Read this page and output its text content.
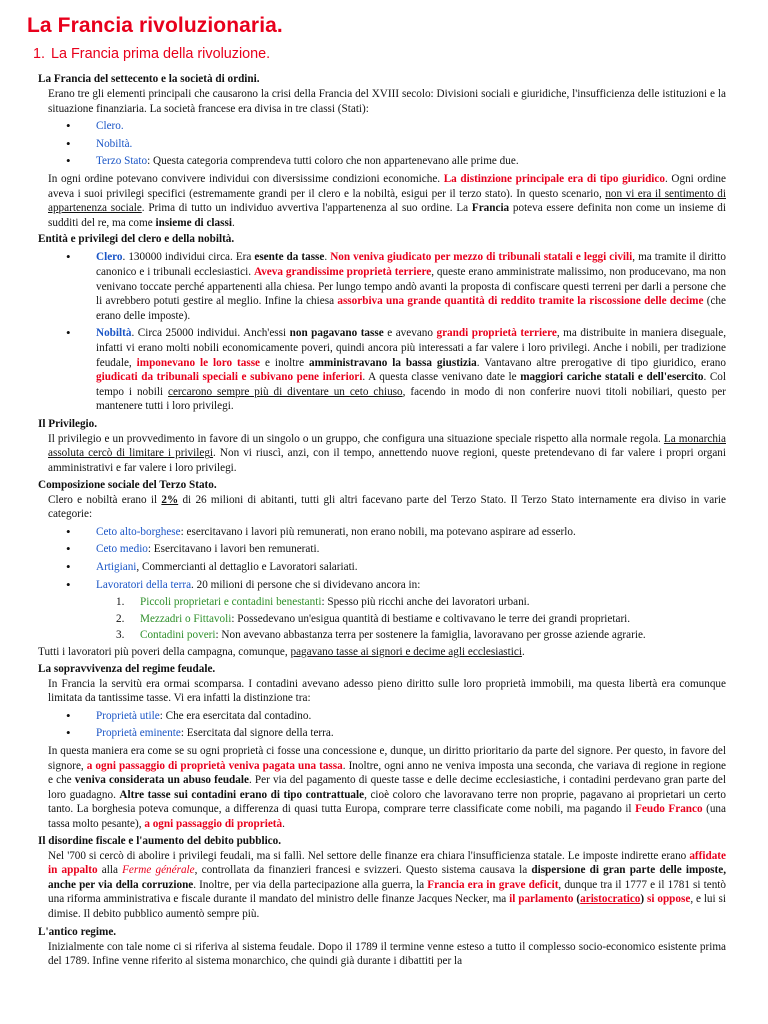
La Francia rivoluzionaria.
1. La Francia prima della rivoluzione.
La Francia del settecento e la società di ordini.
Erano tre gli elementi principali che causarono la crisi della Francia del XVIII secolo: Divisioni sociali e giuridiche, l'insufficienza delle istituzioni e la situazione finanziaria. La società francese era divisa in tre classi (Stati):
• Clero.
• Nobiltà.
• Terzo Stato: Questa categoria comprendeva tutti coloro che non appartenevano alle prime due.
In ogni ordine potevano convivere individui con diversissime condizioni economiche. La distinzione principale era di tipo giuridico. Ogni ordine aveva i suoi privilegi specifici (estremamente grandi per il clero e la nobiltà, esigui per il terzo stato). In questo scenario, non vi era il sentimento di appartenenza sociale. Prima di tutto un individuo avvertiva l'appartenenza al suo ordine. La Francia poteva essere definita non come un insieme di sudditi del re, ma come insieme di classi.
Entità e privilegi del clero e della nobiltà.
• Clero. 130000 individui circa. Era esente da tasse. Non veniva giudicato per mezzo di tribunali statali e leggi civili, ma tramite il diritto canonico e i tribunali ecclesiastici. Aveva grandissime proprietà terriere, queste erano amministrate malissimo, non producevano, ma non venivano toccate perché appartenenti alla chiesa. Per lungo tempo andò avanti la proposta di confiscare questi terreni per darli a persone che li avrebbero potuti gestire al meglio. Infine la chiesa assorbiva una grande quantità di reddito tramite la riscossione delle decime (che erano delle imposte).
• Nobiltà. Circa 25000 individui. Anch'essi non pagavano tasse e avevano grandi proprietà terriere, ma distribuite in maniera diseguale, infatti vi erano molti nobili economicamente poveri, quindi ancora più interessati a far valere i loro privilegi. Anche i nobili, per tradizione feudale, imponevano le loro tasse e inoltre amministravano la bassa giustizia. Vantavano altre prerogative di tipo giuridico, erano giudicati da tribunali speciali e subivano pene inferiori. A questa classe venivano date le maggiori cariche statali e dell'esercito. Col tempo i nobili cercarono sempre più di diventare un ceto chiuso, facendo in modo di non conferire nuovi titoli nobiliari, questo per mantenere tutti i loro privilegi.
Il Privilegio.
Il privilegio e un provvedimento in favore di un singolo o un gruppo, che configura una situazione speciale rispetto alla normale regola. La monarchia assoluta cercò di limitare i privilegi. Non vi riuscì, anzi, con il tempo, annettendo nuove regioni, queste pretendevano di far valere i propri organi amministrativi e far valere i loro privilegi.
Composizione sociale del Terzo Stato.
Clero e nobiltà erano il 2% di 26 milioni di abitanti, tutti gli altri facevano parte del Terzo Stato. Il Terzo Stato internamente era diviso in varie categorie:
• Ceto alto-borghese: esercitavano i lavori più remunerati, non erano nobili, ma potevano aspirare ad esserlo.
• Ceto medio: Esercitavano i lavori ben remunerati.
• Artigiani, Commercianti al dettaglio e Lavoratori salariati.
• Lavoratori della terra. 20 milioni di persone che si dividevano ancora in:
1. Piccoli proprietari e contadini benestanti: Spesso più ricchi anche dei lavoratori urbani.
2. Mezzadri o Fittavoli: Possedevano un'esigua quantità di bestiame e coltivavano le terre dei grandi proprietari.
3. Contadini poveri: Non avevano abbastanza terra per sostenere la famiglia, lavoravano per grosse aziende agrarie.
Tutti i lavoratori più poveri della campagna, comunque, pagavano tasse ai signori e decime agli ecclesiastici.
La sopravvivenza del regime feudale.
In Francia la servitù era ormai scomparsa. I contadini avevano adesso pieno diritto sulle loro proprietà immobili, ma questa libertà era comunque limitata da tantissime tasse. Vi era infatti la distinzione tra:
• Proprietà utile: Che era esercitata dal contadino.
• Proprietà eminente: Esercitata dal signore della terra.
In questa maniera era come se su ogni proprietà ci fosse una concessione e, dunque, un diritto prioritario da parte del signore. Per questo, in favore del signore, a ogni passaggio di proprietà veniva pagata una tassa. Inoltre, ogni anno ne veniva imposta una seconda, che variava di regione in regione e che veniva considerata un abuso feudale. Per via del pagamento di queste tasse e delle decime ecclesiastiche, i contadini perdevano gran parte del loro guadagno. Altre tasse sui contadini erano di tipo contrattuale, cioè coloro che lavoravano terre non proprie, pagavano ai proprietari un certo tanto. La borghesia poteva comunque, a differenza di quasi tutta Europa, comprare terre classificate come nobili, ma pagando il Feudo Franco (una tassa molto pesante), a ogni passaggio di proprietà.
Il disordine fiscale e l'aumento del debito pubblico.
Nel '700 si cercò di abolire i privilegi feudali, ma si fallì. Nel settore delle finanze era chiara l'insufficienza statale. Le imposte indirette erano affidate in appalto alla Ferme générale, controllata da finanzieri francesi e svizzeri. Questo sistema causava la dispersione di gran parte delle imposte, anche per via della corruzione. Inoltre, per via della partecipazione alla guerra, la Francia era in grave deficit, dunque tra il 1777 e il 1781 si tentò una riforma amministrativa e fiscale durante il mandato del ministro delle finanze Jacques Necker, ma il parlamento (aristocratico) si oppose, e lui si dimise. Il debito pubblico aumentò sempre più.
L'antico regime.
Inizialmente con tale nome ci si riferiva al sistema feudale. Dopo il 1789 il termine venne esteso a tutto il complesso socio-economico esistente prima del 1789. Infine venne riferito al sistema monarchico, che quindi già durante i dibattiti per la
